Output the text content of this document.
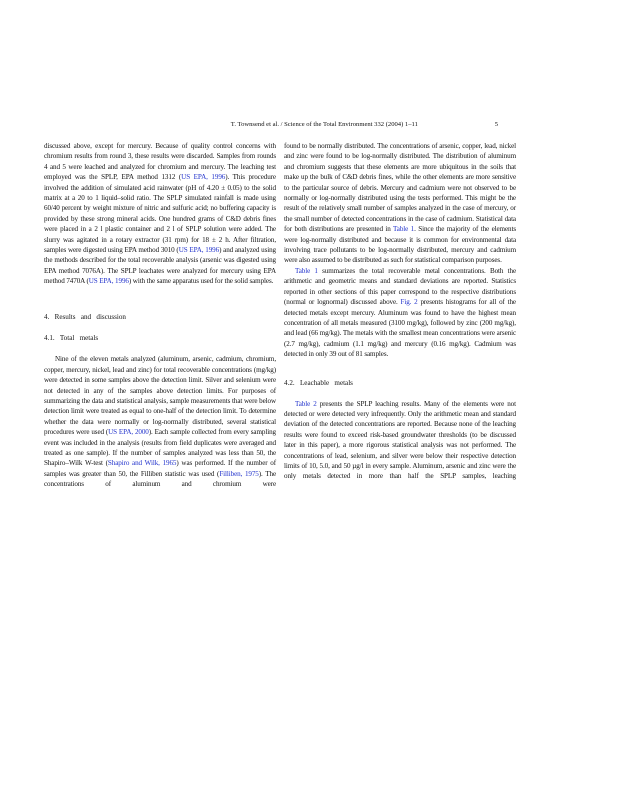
T. Townsend et al. / Science of the Total Environment 332 (2004) 1–11	5

discussed above, except for mercury. Because of quality control concerns with chromium results from round 3, these results were discarded. Samples from rounds 4 and 5 were leached and analyzed for chromium and mercury. The leaching test employed was the SPLP, EPA method 1312 (US EPA, 1996). This procedure involved the addition of simulated acid rainwater (pH of 4.20 ± 0.05) to the solid matrix at a 20 to 1 liquid–solid ratio. The SPLP simulated rainfall is made using 60/40 percent by weight mixture of nitric and sulfuric acid; no buffering capacity is provided by these strong mineral acids. One hundred grams of C&D debris fines were placed in a 2 l plastic container and 2 l of SPLP solution were added. The slurry was agitated in a rotary extractor (31 rpm) for 18 ± 2 h. After filtration, samples were digested using EPA method 3010 (US EPA, 1996) and analyzed using the methods described for the total recoverable analysis (arsenic was digested using EPA method 7076A). The SPLP leachates were analyzed for mercury using EPA method 7470A (US EPA, 1996) with the same apparatus used for the solid samples.

4.   Results   and   discussion

4.1.   Total   metals

Nine of the eleven metals analyzed (aluminum, arsenic, cadmium, chromium, copper, mercury, nickel, lead and zinc) for total recoverable concentrations (mg/kg) were detected in some samples above the detection limit. Silver and selenium were not detected in any of the samples above detection limits. For purposes of summarizing the data and statistical analysis, sample measurements that were below detection limit were treated as equal to one-half of the detection limit. To determine whether the data were normally or log-normally distributed, several statistical procedures were used (US EPA, 2000). Each sample collected from every sampling event was included in the analysis (results from field duplicates were averaged and treated as one sample). If the number of samples analyzed was less than 50, the Shapiro–Wilk W-test (Shapiro and Wilk, 1965) was performed. If the number of samples was greater than 50, the Filliben statistic was used (Filliben, 1975). The concentrations of aluminum and chromium were

found to be normally distributed. The concentrations of arsenic, copper, lead, nickel and zinc were found to be log-normally distributed. The distribution of aluminum and chromium suggests that these elements are more ubiquitous in the soils that make up the bulk of C&D debris fines, while the other elements are more sensitive to the particular source of debris. Mercury and cadmium were not observed to be normally or log-normally distributed using the tests performed. This might be the result of the relatively small number of samples analyzed in the case of mercury, or the small number of detected concentrations in the case of cadmium. Statistical data for both distributions are presented in Table 1. Since the majority of the elements were log-normally distributed and because it is common for environmental data involving trace pollutants to be log-normally distributed, mercury and cadmium were also assumed to be distributed as such for statistical comparison purposes.

Table 1 summarizes the total recoverable metal concentrations. Both the arithmetic and geometric means and standard deviations are reported. Statistics reported in other sections of this paper correspond to the respective distributions (normal or lognormal) discussed above. Fig. 2 presents histograms for all of the detected metals except mercury. Aluminum was found to have the highest mean concentration of all metals measured (3100 mg/kg), followed by zinc (200 mg/kg), and lead (66 mg/kg). The metals with the smallest mean concentrations were arsenic (2.7 mg/kg), cadmium (1.1 mg/kg) and mercury (0.16 mg/kg). Cadmium was detected in only 39 out of 81 samples.

4.2.   Leachable   metals

Table 2 presents the SPLP leaching results. Many of the elements were not detected or were detected very infrequently. Only the arithmetic mean and standard deviation of the detected concentrations are reported. Because none of the leaching results were found to exceed risk-based groundwater thresholds (to be discussed later in this paper), a more rigorous statistical analysis was not performed. The concentrations of lead, selenium, and silver were below their respective detection limits of 10, 5.0, and 50 µg/l in every sample. Aluminum, arsenic and zinc were the only metals detected in more than half the SPLP samples, leaching
